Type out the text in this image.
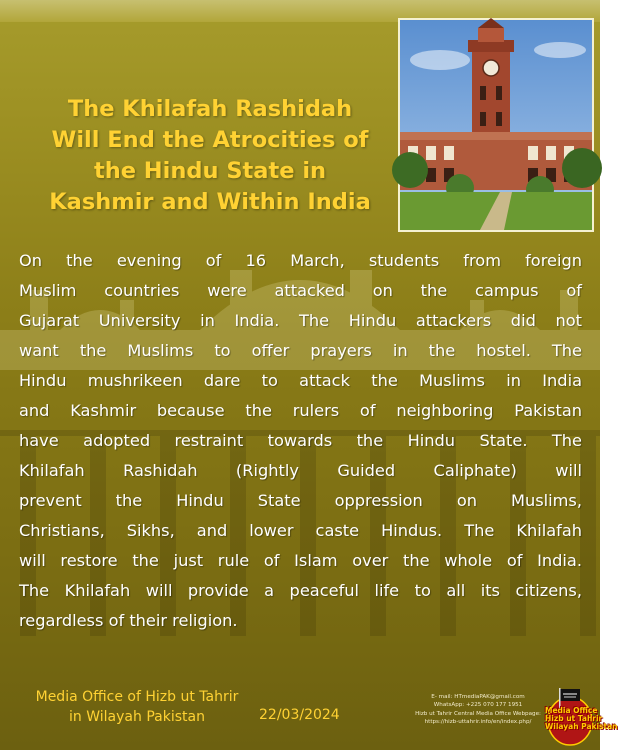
The Khilafah Rashidah
Will End the Atrocities of
the Hindu State in
Kashmir and Within India
On the evening of 16 March, students from foreign
Muslim countries were attacked on the campus of
Gujarat University in India. The Hindu attackers did not
want the Muslims to offer prayers in the hostel. The
Hindu mushrikeen dare to attack the Muslims in India
and Kashmir because the rulers of neighboring Pakistan
have adopted restraint towards the Hindu State. The
Khilafah Rashidah (Rightly Guided Caliphate) will
prevent the Hindu State oppression on Muslims,
Christians, Sikhs, and lower caste Hindus. The Khilafah
will restore the just rule of Islam over the whole of India.
The Khilafah will provide a peaceful life to all its citizens,
regardless of their religion.
Media Office of Hizb ut Tahrir
in Wilayah Pakistan	22/03/2024
E- mail: HTmediaPAK@gmail.com
WhatsApp: +225 070 177 1951
Hizb ut Tahrir Central Media Office Webpage:
https://hizb-uttahrir.info/en/index.php/
Media Office
Hizb ut Tahrir
Wilayah Pakistan
